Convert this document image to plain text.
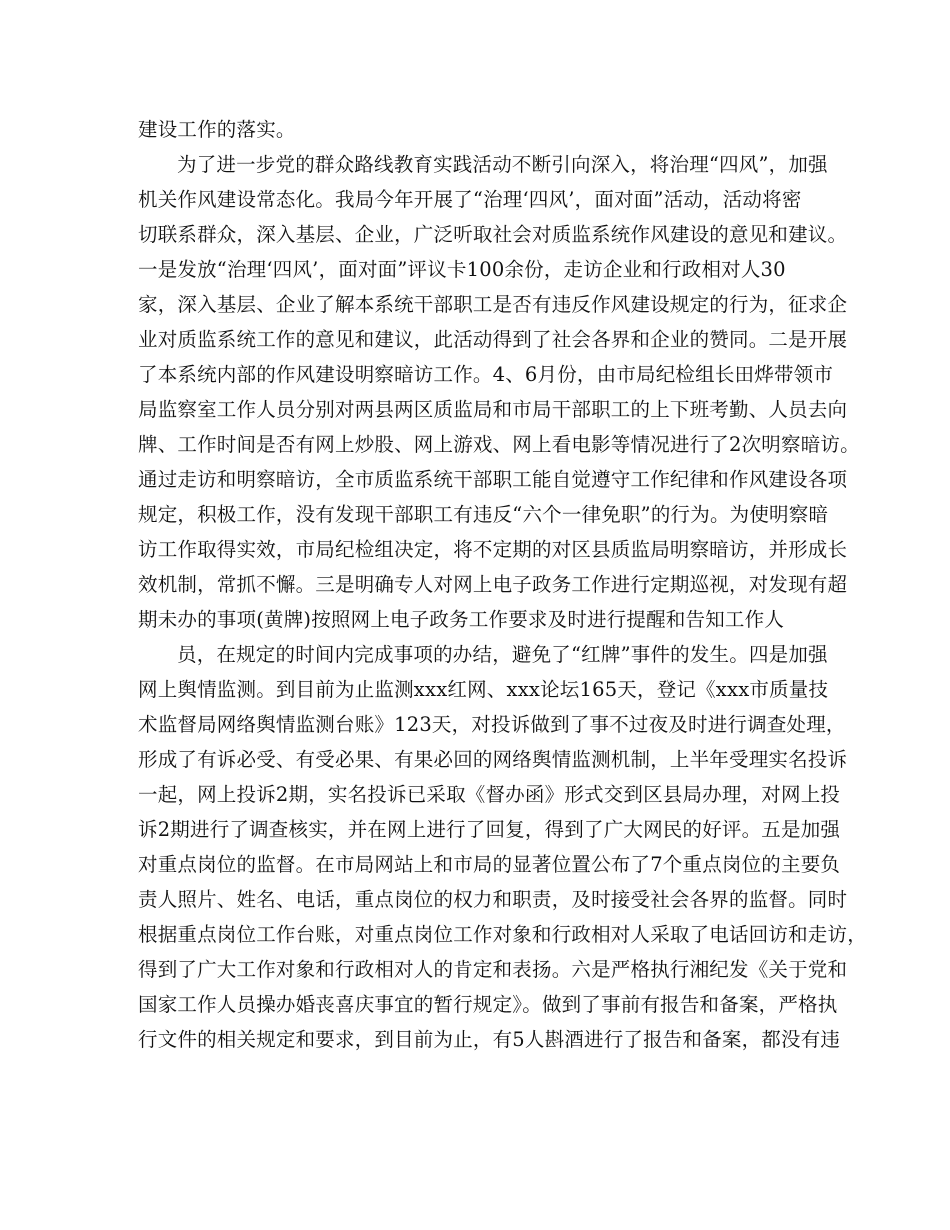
建设工作的落实。
为了进一步党的群众路线教育实践活动不断引向深入，将治理“四风”，加强
机关作风建设常态化。我局今年开展了“治理‘四风’，面对面”活动，活动将密
切联系群众，深入基层、企业，广泛听取社会对质监系统作风建设的意见和建议。
一是发放“治理‘四风’，面对面”评议卡100余份，走访企业和行政相对人30
家，深入基层、企业了解本系统干部职工是否有违反作风建设规定的行为，征求企
业对质监系统工作的意见和建议，此活动得到了社会各界和企业的赞同。二是开展
了本系统内部的作风建设明察暗访工作。4、6月份，由市局纪检组长田烨带领市
局监察室工作人员分别对两县两区质监局和市局干部职工的上下班考勤、人员去向
牌、工作时间是否有网上炒股、网上游戏、网上看电影等情况进行了2次明察暗访。
通过走访和明察暗访，全市质监系统干部职工能自觉遵守工作纪律和作风建设各项
规定，积极工作，没有发现干部职工有违反“六个一律免职”的行为。为使明察暗
访工作取得实效，市局纪检组决定，将不定期的对区县质监局明察暗访，并形成长
效机制，常抓不懈。三是明确专人对网上电子政务工作进行定期巡视，对发现有超
期未办的事项(黄牌)按照网上电子政务工作要求及时进行提醒和告知工作人
员，在规定的时间内完成事项的办结，避免了“红牌”事件的发生。四是加强
网上舆情监测。到目前为止监测xxx红网、xxx论坛165天，登记《xxx市质量技
术监督局网络舆情监测台账》123天，对投诉做到了事不过夜及时进行调查处理，
形成了有诉必受、有受必果、有果必回的网络舆情监测机制，上半年受理实名投诉
一起，网上投诉2期，实名投诉已采取《督办函》形式交到区县局办理，对网上投
诉2期进行了调查核实，并在网上进行了回复，得到了广大网民的好评。五是加强
对重点岗位的监督。在市局网站上和市局的显著位置公布了7个重点岗位的主要负
责人照片、姓名、电话，重点岗位的权力和职责，及时接受社会各界的监督。同时
根据重点岗位工作台账，对重点岗位工作对象和行政相对人采取了电话回访和走访，
得到了广大工作对象和行政相对人的肯定和表扬。六是严格执行湘纪发《关于党和
国家工作人员操办婚丧喜庆事宜的暂行规定》。做到了事前有报告和备案，严格执
行文件的相关规定和要求，到目前为止，有5人斟酒进行了报告和备案，都没有违
